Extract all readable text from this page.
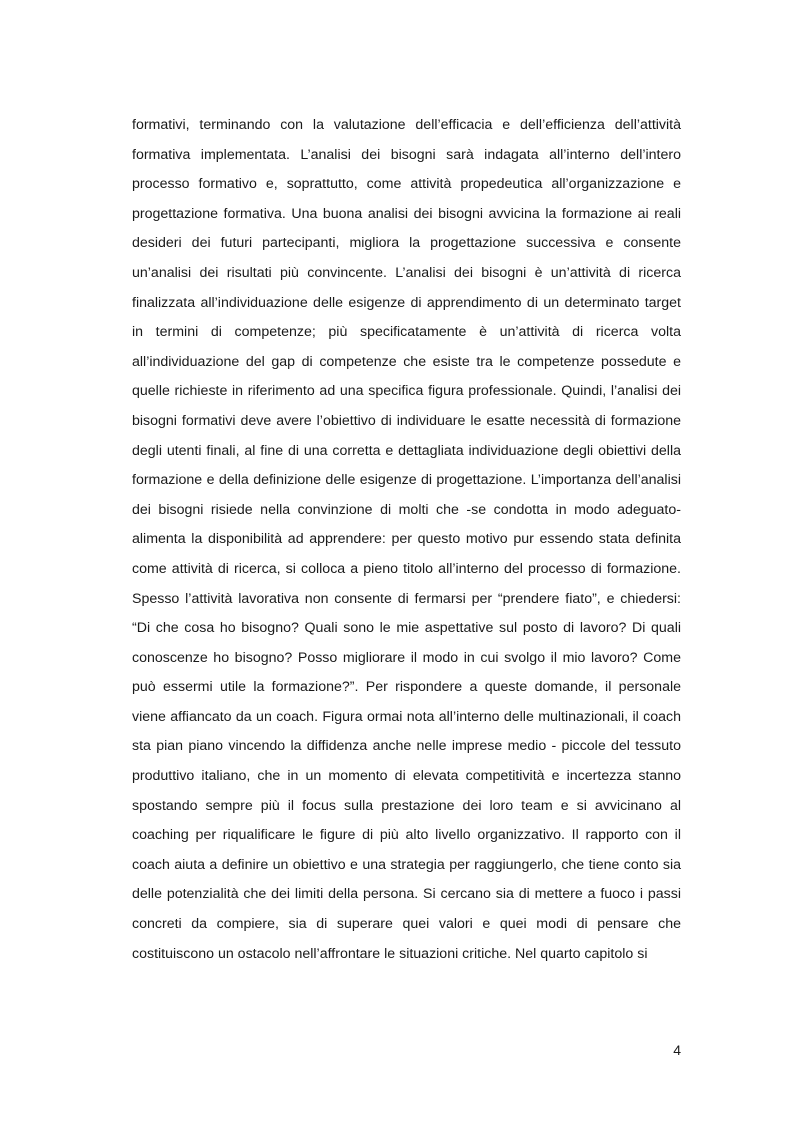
formativi, terminando con la valutazione dell’efficacia e dell’efficienza dell’attività formativa implementata. L’analisi dei bisogni sarà indagata all’interno dell’intero processo formativo e, soprattutto, come attività propedeutica all’organizzazione e progettazione formativa. Una buona analisi dei bisogni avvicina la formazione ai reali desideri dei futuri partecipanti, migliora la progettazione successiva e consente un’analisi dei risultati più convincente. L’analisi dei bisogni è un’attività di ricerca finalizzata all’individuazione delle esigenze di apprendimento di un determinato target in termini di competenze; più specificatamente è un’attività di ricerca volta all’individuazione del gap di competenze che esiste tra le competenze possedute e quelle richieste in riferimento ad una specifica figura professionale. Quindi, l’analisi dei bisogni formativi deve avere l’obiettivo di individuare le esatte necessità di formazione degli utenti finali, al fine di una corretta e dettagliata individuazione degli obiettivi della formazione e della definizione delle esigenze di progettazione. L’importanza dell’analisi dei bisogni risiede nella convinzione di molti che -se condotta in modo adeguato- alimenta la disponibilità ad apprendere: per questo motivo pur essendo stata definita come attività di ricerca, si colloca a pieno titolo all’interno del processo di formazione. Spesso l’attività lavorativa non consente di fermarsi per “prendere fiato”, e chiedersi: “Di che cosa ho bisogno? Quali sono le mie aspettative sul posto di lavoro? Di quali conoscenze ho bisogno? Posso migliorare il modo in cui svolgo il mio lavoro? Come può essermi utile la formazione?”. Per rispondere a queste domande, il personale viene affiancato da un coach. Figura ormai nota all’interno delle multinazionali, il coach sta pian piano vincendo la diffidenza anche nelle imprese medio - piccole del tessuto produttivo italiano, che in un momento di elevata competitività e incertezza stanno spostando sempre più il focus sulla prestazione dei loro team e si avvicinano al coaching per riqualificare le figure di più alto livello organizzativo. Il rapporto con il coach aiuta a definire un obiettivo e una strategia per raggiungerlo, che tiene conto sia delle potenzialità che dei limiti della persona. Si cercano sia di mettere a fuoco i passi concreti da compiere, sia di superare quei valori e quei modi di pensare che costituiscono un ostacolo nell’affrontare le situazioni critiche. Nel quarto capitolo si

4
